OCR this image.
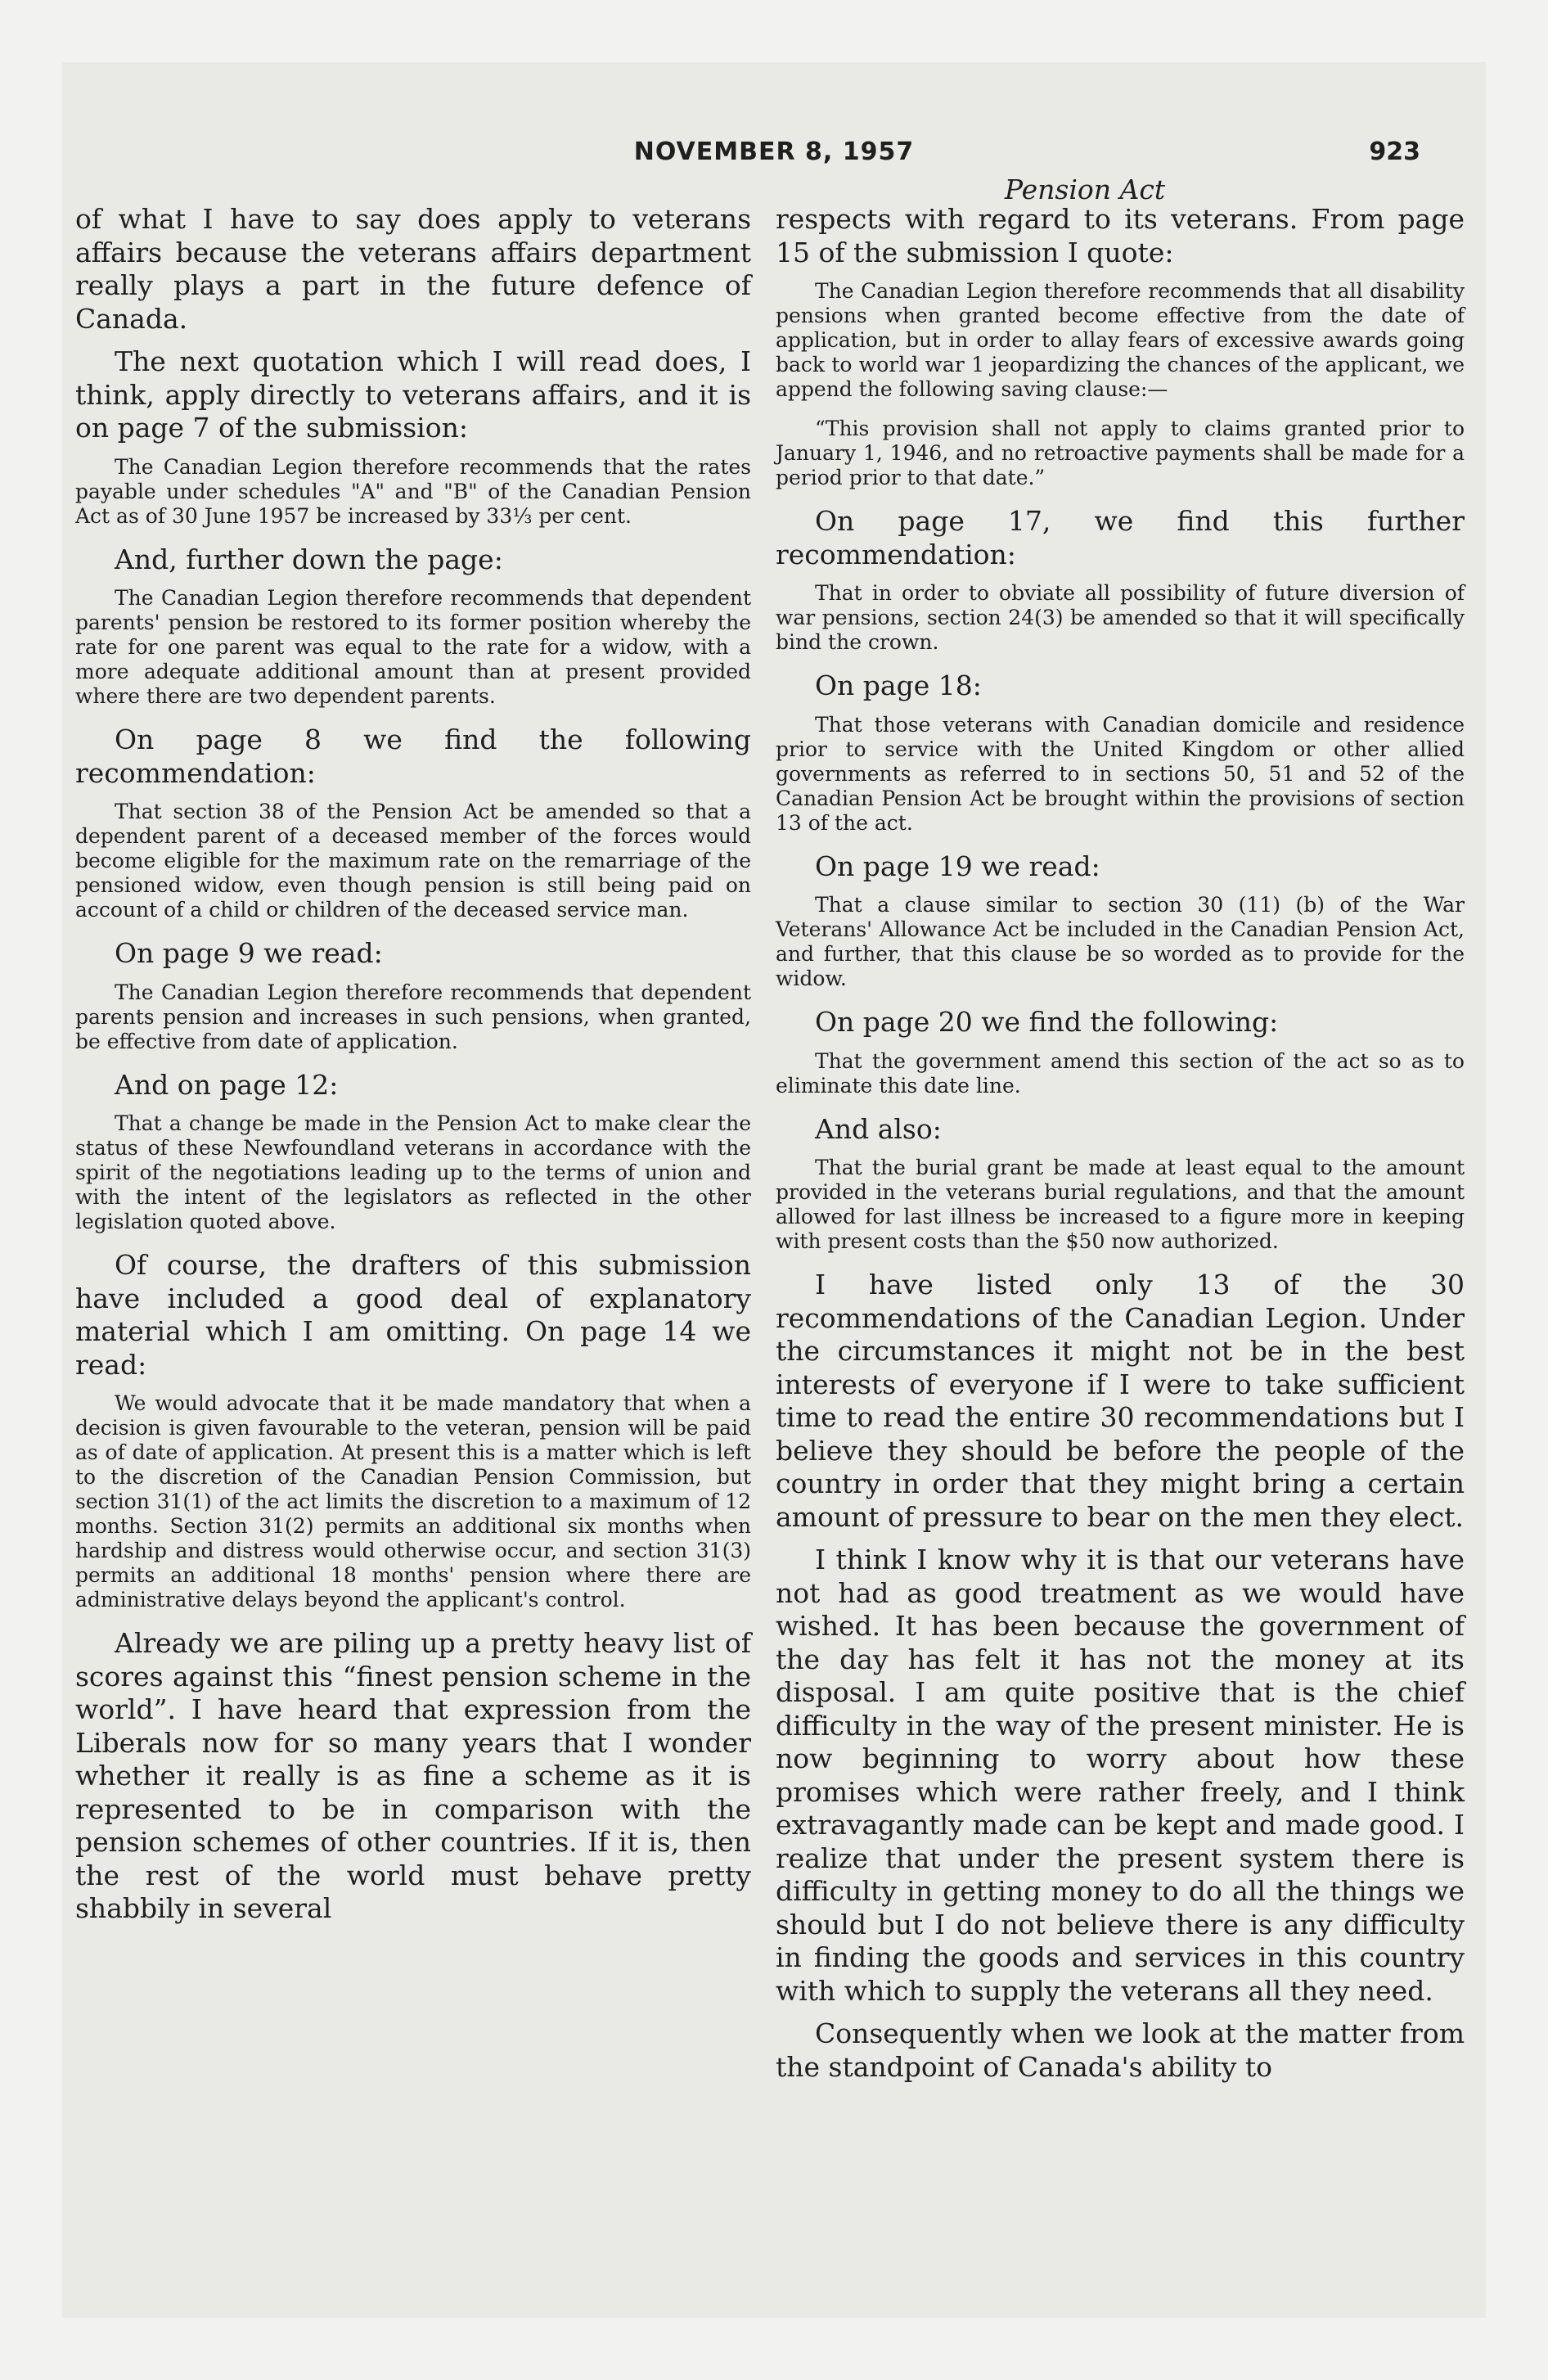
NOVEMBER 8, 1957	923
Pension Act

of what I have to say does apply to veterans affairs because the veterans affairs department really plays a part in the future defence of Canada.

The next quotation which I will read does, I think, apply directly to veterans affairs, and it is on page 7 of the submission:

The Canadian Legion therefore recommends that the rates payable under schedules "A" and "B" of the Canadian Pension Act as of 30 June 1957 be increased by 33⅓ per cent.

And, further down the page:

The Canadian Legion therefore recommends that dependent parents' pension be restored to its former position whereby the rate for one parent was equal to the rate for a widow, with a more adequate additional amount than at present provided where there are two dependent parents.

On page 8 we find the following recommendation:

That section 38 of the Pension Act be amended so that a dependent parent of a deceased member of the forces would become eligible for the maximum rate on the remarriage of the pensioned widow, even though pension is still being paid on account of a child or children of the deceased service man.

On page 9 we read:

The Canadian Legion therefore recommends that dependent parents pension and increases in such pensions, when granted, be effective from date of application.

And on page 12:

That a change be made in the Pension Act to make clear the status of these Newfoundland veterans in accordance with the spirit of the negotiations leading up to the terms of union and with the intent of the legislators as reflected in the other legislation quoted above.

Of course, the drafters of this submission have included a good deal of explanatory material which I am omitting. On page 14 we read:

We would advocate that it be made mandatory that when a decision is given favourable to the veteran, pension will be paid as of date of application. At present this is a matter which is left to the discretion of the Canadian Pension Commission, but section 31(1) of the act limits the discretion to a maximum of 12 months. Section 31(2) permits an additional six months when hardship and distress would otherwise occur, and section 31(3) permits an additional 18 months' pension where there are administrative delays beyond the applicant's control.

Already we are piling up a pretty heavy list of scores against this “finest pension scheme in the world”. I have heard that expression from the Liberals now for so many years that I wonder whether it really is as fine a scheme as it is represented to be in comparison with the pension schemes of other countries. If it is, then the rest of the world must behave pretty shabbily in several

respects with regard to its veterans. From page 15 of the submission I quote:

The Canadian Legion therefore recommends that all disability pensions when granted become effective from the date of application, but in order to allay fears of excessive awards going back to world war 1 jeopardizing the chances of the applicant, we append the following saving clause:—

“This provision shall not apply to claims granted prior to January 1, 1946, and no retroactive payments shall be made for a period prior to that date.”

On page 17, we find this further recommendation:

That in order to obviate all possibility of future diversion of war pensions, section 24(3) be amended so that it will specifically bind the crown.

On page 18:

That those veterans with Canadian domicile and residence prior to service with the United Kingdom or other allied governments as referred to in sections 50, 51 and 52 of the Canadian Pension Act be brought within the provisions of section 13 of the act.

On page 19 we read:

That a clause similar to section 30 (11) (b) of the War Veterans' Allowance Act be included in the Canadian Pension Act, and further, that this clause be so worded as to provide for the widow.

On page 20 we find the following:

That the government amend this section of the act so as to eliminate this date line.

And also:

That the burial grant be made at least equal to the amount provided in the veterans burial regulations, and that the amount allowed for last illness be increased to a figure more in keeping with present costs than the $50 now authorized.

I have listed only 13 of the 30 recommendations of the Canadian Legion. Under the circumstances it might not be in the best interests of everyone if I were to take sufficient time to read the entire 30 recommendations but I believe they should be before the people of the country in order that they might bring a certain amount of pressure to bear on the men they elect.

I think I know why it is that our veterans have not had as good treatment as we would have wished. It has been because the government of the day has felt it has not the money at its disposal. I am quite positive that is the chief difficulty in the way of the present minister. He is now beginning to worry about how these promises which were rather freely, and I think extravagantly made can be kept and made good. I realize that under the present system there is difficulty in getting money to do all the things we should but I do not believe there is any difficulty in finding the goods and services in this country with which to supply the veterans all they need.

Consequently when we look at the matter from the standpoint of Canada's ability to
